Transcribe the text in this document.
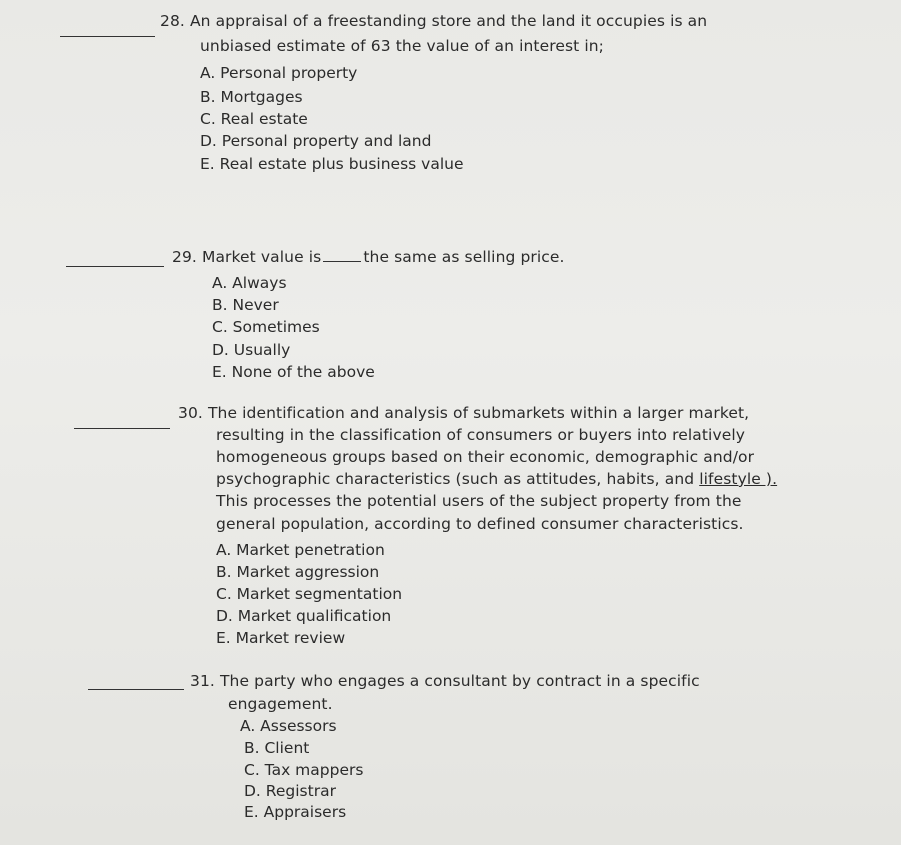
28. An appraisal of a freestanding store and the land it occupies is an
unbiased estimate of 63 the value of an interest in;
A. Personal property
B. Mortgages
C. Real estate
D. Personal property and land
E. Real estate plus business value
29. Market value is	the same as selling price.
A. Always
B. Never
C. Sometimes
D. Usually
E. None of the above
30. The identification and analysis of submarkets within a larger market,
resulting in the classification of consumers or buyers into relatively
homogeneous groups based on their economic, demographic and/or
psychographic characteristics (such as attitudes, habits, and lifestyle ).
This processes the potential users of the subject property from the
general population, according to defined consumer characteristics.
A. Market penetration
B. Market aggression
C. Market segmentation
D. Market qualification
E. Market review
31. The party who engages a consultant by contract in a specific
engagement.
A. Assessors
B. Client
C. Tax mappers
D. Registrar
E. Appraisers
